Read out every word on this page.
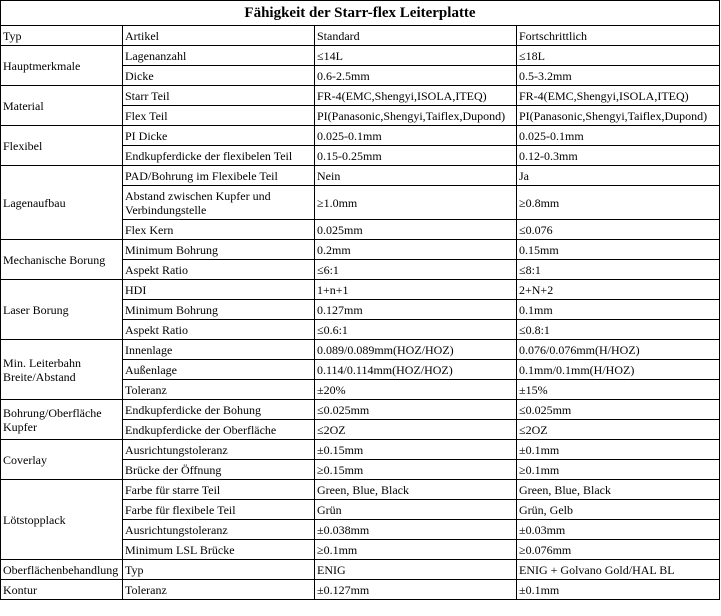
Fähigkeit der Starr-flex Leiterplatte			
Typ	Artikel	Standard	Fortschrittlich
Hauptmerkmale	Lagenanzahl	≤14L	≤18L
	Dicke	0.6-2.5mm	0.5-3.2mm
Material	Starr Teil	FR-4(EMC,Shengyi,ISOLA,ITEQ)	FR-4(EMC,Shengyi,ISOLA,ITEQ)
	Flex Teil	PI(Panasonic,Shengyi,Taiflex,Dupond)	PI(Panasonic,Shengyi,Taiflex,Dupond)
Flexibel	PI Dicke	0.025-0.1mm	0.025-0.1mm
	Endkupferdicke der flexibelen Teil	0.15-0.25mm	0.12-0.3mm
Lagenaufbau	PAD/Bohrung im Flexibele Teil	Nein	Ja
	Abstand zwischen Kupfer und Verbindungstelle	≥1.0mm	≥0.8mm
	Flex Kern	0.025mm	≤0.076
Mechanische Borung	Minimum Bohrung	0.2mm	0.15mm
	Aspekt Ratio	≤6:1	≤8:1
Laser Borung	HDI	1+n+1	2+N+2
	Minimum Bohrung	0.127mm	0.1mm
	Aspekt Ratio	≤0.6:1	≤0.8:1
Min. Leiterbahn Breite/Abstand	Innenlage	0.089/0.089mm(HOZ/HOZ)	0.076/0.076mm(H/HOZ)
	Außenlage	0.114/0.114mm(HOZ/HOZ)	0.1mm/0.1mm(H/HOZ)
	Toleranz	±20%	±15%
Bohrung/Oberfläche Kupfer	Endkupferdicke der Bohung	≤0.025mm	≤0.025mm
	Endkupferdicke der Oberfläche	≤2OZ	≤2OZ
Coverlay	Ausrichtungstoleranz	±0.15mm	±0.1mm
	Brücke der Öffnung	≥0.15mm	≥0.1mm
Lötstopplack	Farbe für starre Teil	Green, Blue, Black	Green, Blue, Black
	Farbe für flexibele Teil	Grün	Grün, Gelb
	Ausrichtungstoleranz	±0.038mm	±0.03mm
	Minimum LSL Brücke	≥0.1mm	≥0.076mm
Oberflächenbehandlung	Typ	ENIG	ENIG + Golvano Gold/HAL BL
Kontur	Toleranz	±0.127mm	±0.1mm
